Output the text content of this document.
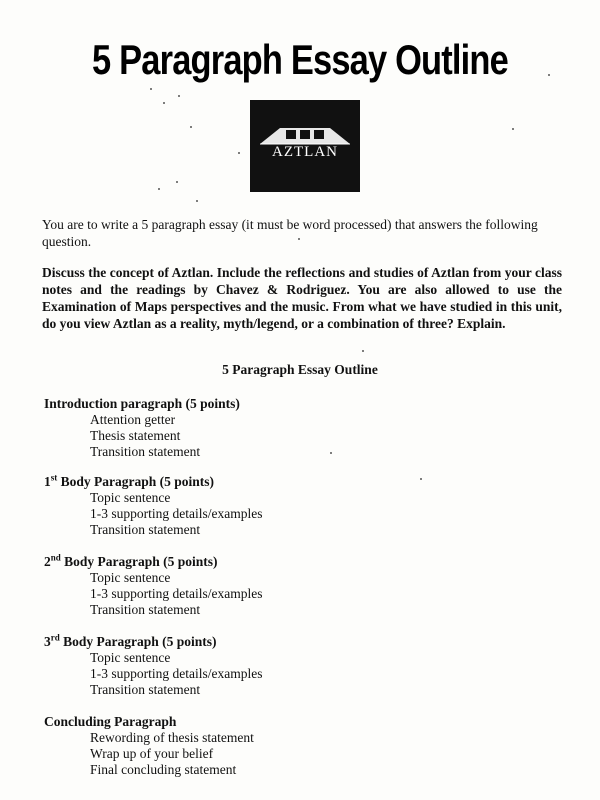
5 Paragraph Essay Outline
AZTLAN
You are to write a 5 paragraph essay (it must be word processed) that answers the following question.
Discuss the concept of Aztlan. Include the reflections and studies of Aztlan from your class notes and the readings by Chavez & Rodriguez. You are also allowed to use the Examination of Maps perspectives and the music. From what we have studied in this unit, do you view Aztlan as a reality, myth/legend, or a combination of three? Explain.
5 Paragraph Essay Outline
Introduction paragraph (5 points)
Attention getter
Thesis statement
Transition statement
1st Body Paragraph (5 points)
Topic sentence
1-3 supporting details/examples
Transition statement
2nd Body Paragraph (5 points)
Topic sentence
1-3 supporting details/examples
Transition statement
3rd Body Paragraph (5 points)
Topic sentence
1-3 supporting details/examples
Transition statement
Concluding Paragraph
Rewording of thesis statement
Wrap up of your belief
Final concluding statement
